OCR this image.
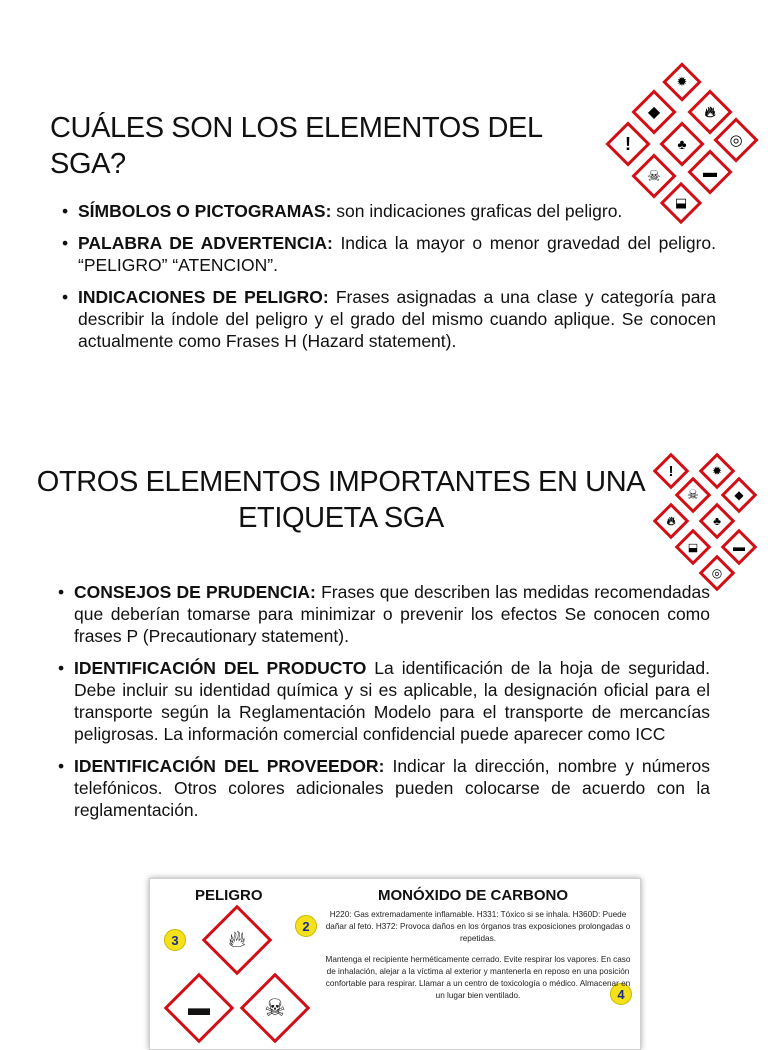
CUÁLES SON LOS ELEMENTOS DEL SGA?
✹
◆	🔥︎
!	♣	◎
☠	▬
⬓
• SÍMBOLOS O PICTOGRAMAS: son indicaciones graficas del peligro.
• PALABRA DE ADVERTENCIA: Indica la mayor o menor gravedad del peligro. “PELIGRO” “ATENCION”.
• INDICACIONES DE PELIGRO: Frases asignadas a una clase y categoría para describir la índole del peligro y el grado del mismo cuando aplique. Se conocen actualmente como Frases H (Hazard statement).
OTROS ELEMENTOS IMPORTANTES EN UNA ETIQUETA SGA
!	✹
☠	◆
🔥︎	♣
⬓	▬
◎
• CONSEJOS DE PRUDENCIA: Frases que describen las medidas recomendadas que deberían tomarse para minimizar o prevenir los efectos Se conocen como frases P (Precautionary statement).
• IDENTIFICACIÓN DEL PRODUCTO La identificación de la hoja de seguridad. Debe incluir su identidad química y si es aplicable, la designación oficial para el transporte según la Reglamentación Modelo para el transporte de mercancías peligrosas. La información comercial confidencial puede aparecer como ICC
• IDENTIFICACIÓN DEL PROVEEDOR: Indicar la dirección, nombre y números telefónicos. Otros colores adicionales pueden colocarse de acuerdo con la reglamentación.
PELIGRO	MONÓXIDO DE CARBONO
3
2
4
🔥︎
▬	☠
H220: Gas extremadamente inflamable. H331: Tóxico si se inhala. H360D: Puede dañar al feto. H372: Provoca daños en los órganos tras exposiciones prolongadas o repetidas.
Mantenga el recipiente herméticamente cerrado. Evite respirar los vapores. En caso de inhalación, alejar a la víctima al exterior y mantenerla en reposo en una posición confortable para respirar. Llamar a un centro de toxicología o médico. Almacenar en un lugar bien ventilado.
